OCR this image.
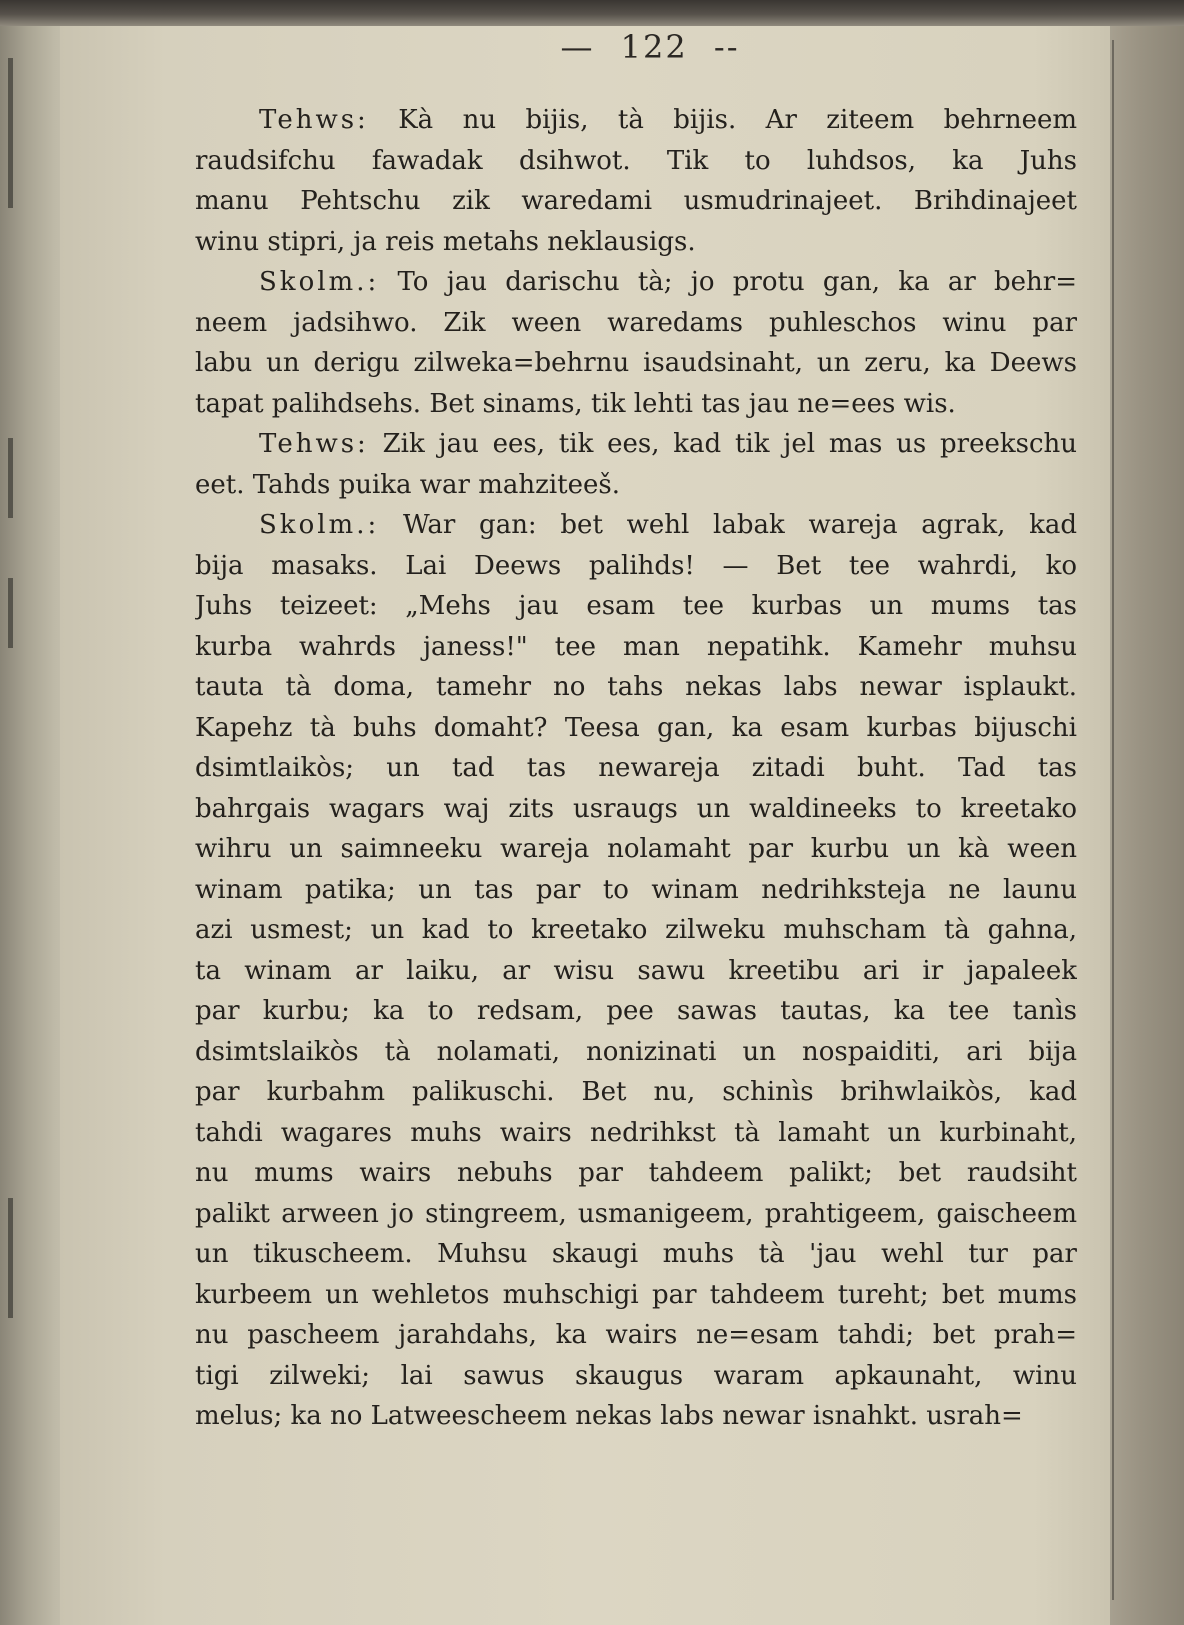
— 122 --
Tehws: Kà nu bijis, tà bijis. Ar ziteem behrneem
raudsifchu fawadak dsihwot. Tik to luhdsos, ka Juhs
manu Pehtschu zik waredami usmudrinajeet. Brihdinajeet
winu stipri, ja reis metahs neklausigs.
Skolm.: To jau darischu tà; jo protu gan, ka ar behr=
neem jadsihwo. Zik ween waredams puhleschos winu par
labu un derigu zilweka=behrnu isaudsinaht, un zeru, ka Deews
tapat palihdsehs. Bet sinams, tik lehti tas jau ne=ees wis.
Tehws: Zik jau ees, tik ees, kad tik jel mas us preekschu
eet. Tahds puika war mahziteeš.
Skolm.: War gan: bet wehl labak wareja agrak, kad
bija masaks. Lai Deews palihds! — Bet tee wahrdi, ko
Juhs teizeet: „Mehs jau esam tee kurbas un mums tas
kurba wahrds janess!" tee man nepatihk. Kamehr muhsu
tauta tà doma, tamehr no tahs nekas labs newar isplaukt.
Kapehz tà buhs domaht? Teesa gan, ka esam kurbas bijuschi
dsimtlaikòs; un tad tas newareja zitadi buht. Tad tas
bahrgais wagars waj zits usraugs un waldineeks to kreetako
wihru un saimneeku wareja nolamaht par kurbu un kà ween
winam patika; un tas par to winam nedrihkstеja ne launu
azi usmest; un kad to kreetako zilweku muhscham tà gahna,
ta winam ar laiku, ar wisu sawu kreetibu ari ir japaleek
par kurbu; ka to redsam, pee sawas tautas, ka tee tanìs
dsimtslaikòs tà nolamati, nonizinati un nospaiditi, ari bija
par kurbahm palikuschi. Bet nu, schinìs brihwlaikòs, kad
tahdi wagares muhs wairs nedrihkst tà lamaht un kurbinaht,
nu mums wairs nebuhs par tahdeem palikt; bet raudsiht
palikt arween jo stingreem, usmanigeem, prahtigeem, gaischeem
un tikuscheem. Muhsu skaugi muhs tà 'jau wehl tur par
kurbeem un wehletos muhschigi par tahdeem tureht; bet mums
nu pascheem jarahdahs, ka wairs ne=esam tahdi; bet prah=
tigi zilweki; lai sawus skaugus waram apkaunaht, winu
melus; ka no Latweescheem nekas labs newar isnahkt. usrah=
